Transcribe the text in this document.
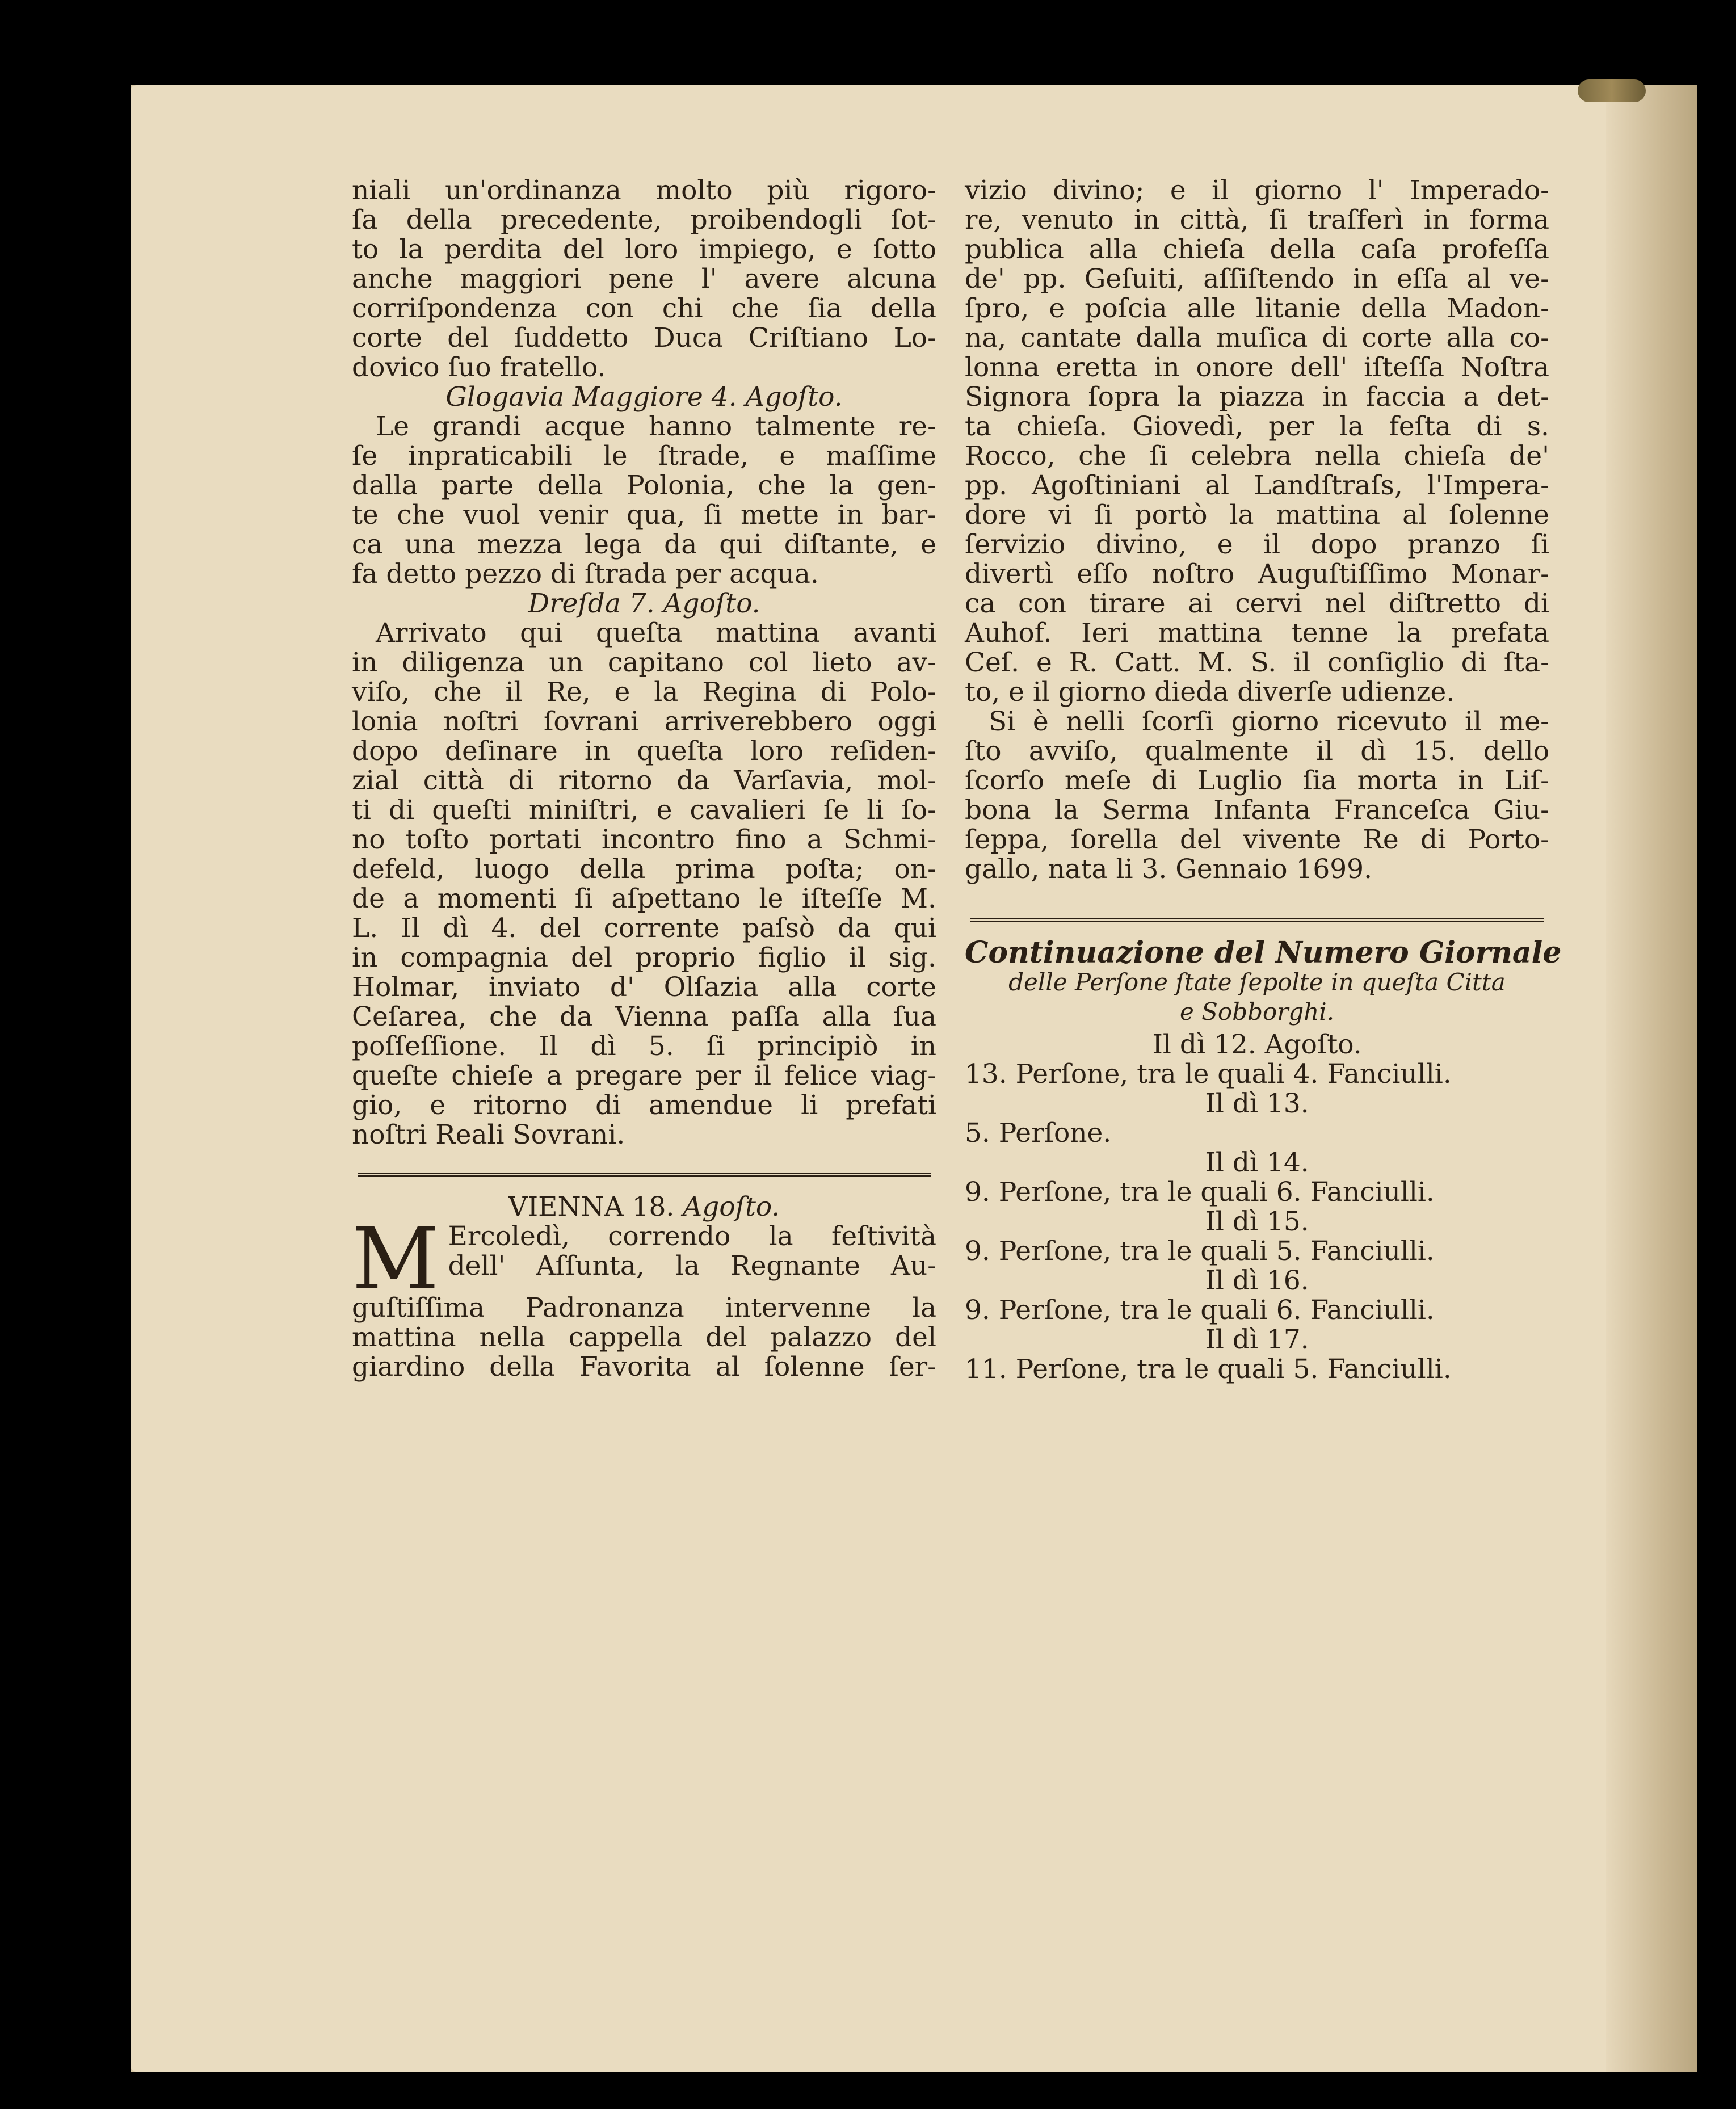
niali un'ordinanza molto più rigoro-
ſa della precedente, proibendogli ſot-
to la perdita del loro impiego, e ſotto
anche maggiori pene l' avere alcuna
corriſpondenza con chi che ſia della
corte del ſuddetto Duca Criſtiano Lo-
dovico ſuo fratello.

Glogavia Maggiore 4. Agoſto.

Le grandi acque hanno talmente re-
ſe inpraticabili le ſtrade, e maſſime
dalla parte della Polonia, che la gen-
te che vuol venir qua, ſi mette in bar-
ca una mezza lega da qui diſtante, e
fa detto pezzo di ſtrada per acqua.

Dreſda 7. Agoſto.

Arrivato qui queſta mattina avanti
in diligenza un capitano col lieto av-
viſo, che il Re, e la Regina di Polo-
lonia noſtri ſovrani arriverebbero oggi
dopo deſinare in queſta loro reſiden-
zial città di ritorno da Varſavia, mol-
ti di queſti miniſtri, e cavalieri ſe li ſo-
no toſto portati incontro fino a Schmi-
defeld, luogo della prima poſta; on-
de a momenti ſi aſpettano le iſteſſe M.
L. Il dì 4. del corrente paſsò da qui
in compagnia del proprio figlio il sig.
Holmar, inviato d' Olſazia alla corte
Ceſarea, che da Vienna paſſa alla ſua
poſſeſſione. Il dì 5. ſi principiò in
queſte chieſe a pregare per il felice viag-
gio, e ritorno di amendue li prefati
noſtri Reali Sovrani.

VIENNA 18. Agoſto.

M Ercoledì, correndo la feſtività
dell' Aſſunta, la Regnante Au-
guſtiſſima Padronanza intervenne la
mattina nella cappella del palazzo del
giardino della Favorita al ſolenne ſer-

vizio divino; e il giorno l' Imperado-
re, venuto in città, ſi traſferì in forma
publica alla chieſa della caſa profeſſa
de' pp. Geſuiti, aſſiſtendo in eſſa al ve-
ſpro, e poſcia alle litanie della Madon-
na, cantate dalla muſica di corte alla co-
lonna eretta in onore dell' iſteſſa Noſtra
Signora ſopra la piazza in faccia a det-
ta chieſa. Giovedì, per la feſta di s.
Rocco, che ſi celebra nella chieſa de'
pp. Agoſtiniani al Landſtraſs, l'Impera-
dore vi ſi portò la mattina al ſolenne
ſervizio divino, e il dopo pranzo ſi
divertì eſſo noſtro Auguſtiſſimo Monar-
ca con tirare ai cervi nel diſtretto di
Auhof. Ieri mattina tenne la prefata
Ceſ. e R. Catt. M. S. il conſiglio di ſta-
to, e il giorno dieda diverſe udienze.

Si è nelli ſcorſi giorno ricevuto il me-
ſto avviſo, qualmente il dì 15. dello
ſcorſo meſe di Luglio ſia morta in Liſ-
bona la Serma Infanta Franceſca Giu-
ſeppa, ſorella del vivente Re di Porto-
gallo, nata li 3. Gennaio 1699.

Continuazione del Numero Giornale
delle Perſone ſtate ſepolte in queſta Citta
e Sobborghi.
Il dì 12. Agoſto.
13. Perſone, tra le quali 4. Fanciulli.
Il dì 13.
5. Perſone.
Il dì 14.
9. Perſone, tra le quali 6. Fanciulli.
Il dì 15.
9. Perſone, tra le quali 5. Fanciulli.
Il dì 16.
9. Perſone, tra le quali 6. Fanciulli.
Il dì 17.
11. Perſone, tra le quali 5. Fanciulli.
